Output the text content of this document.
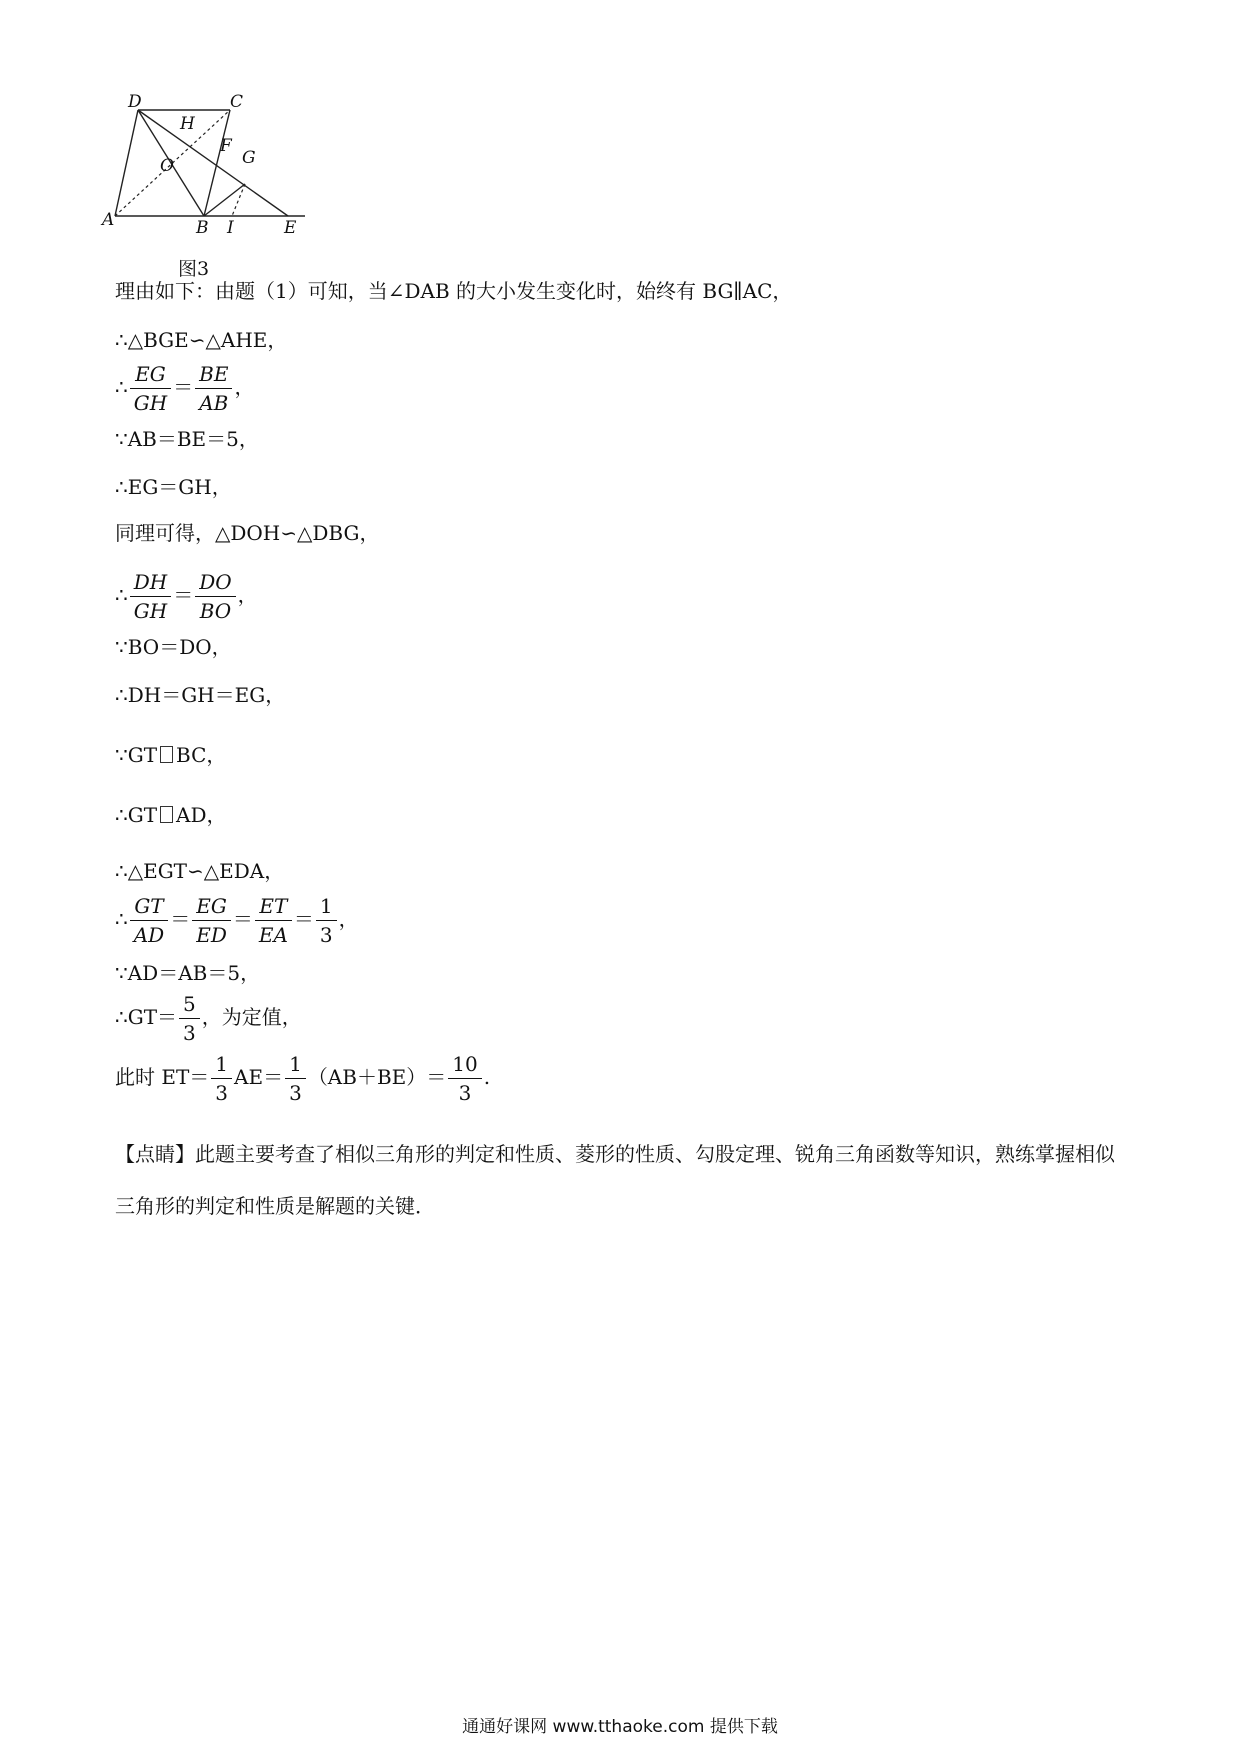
D	C
H
F
G
O
A	B I	E
图3
理由如下：由题（1）可知，当∠DAB 的大小发生变化时，始终有 BG∥AC，
∴△BGE∽△AHE，
∴ $\frac{EG}{GH} = \frac{BE}{AB}$ ，
∵AB＝BE＝5，
∴EG＝GH，
同理可得，△DOH∽△DBG，
∴ $\frac{DH}{GH} = \frac{DO}{BO}$ ，
∵BO＝DO，
∴DH＝GH＝EG，
∵GT BC，
∴GT AD，
∴△EGT∽△EDA，
∴ $\frac{GT}{AD} = \frac{EG}{ED} = \frac{ET}{EA} = \frac{1}{3}$ ，
∵AD＝AB＝5，
∴GT＝ $\frac{5}{3}$ ，为定值，
此时 $ET= \frac{1}{3} AE= \frac{1}{3} (AB+BE)= \frac{10}{3}$ .
【点睛】此题主要考查了相似三角形的判定和性质、菱形的性质、勾股定理、锐角三角函数等知识，熟练掌握相似三角形的判定和性质是解题的关键．
通通好课网 www.tthaoke.com 提供下载
